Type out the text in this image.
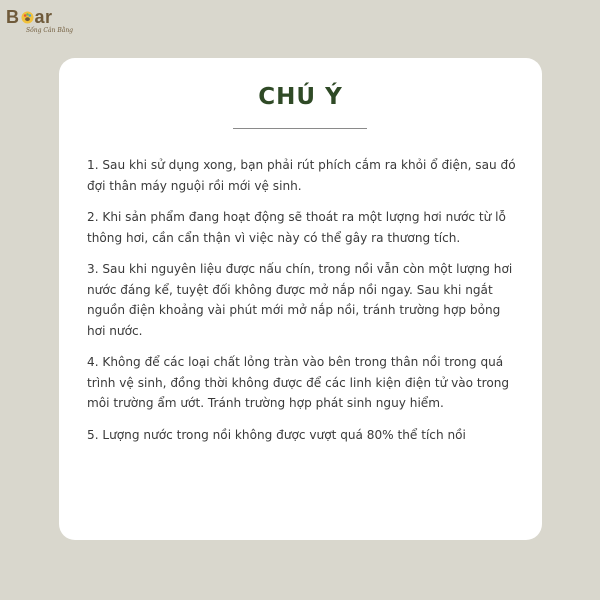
B ar
Sống Cân Bằng
CHÚ Ý

1. Sau khi sử dụng xong, bạn phải rút phích cắm ra khỏi ổ điện, sau đó đợi thân máy nguội rồi mới vệ sinh.

2. Khi sản phẩm đang hoạt động sẽ thoát ra một lượng hơi nước từ lỗ thông hơi, cần cẩn thận vì việc này có thể gây ra thương tích.

3. Sau khi nguyên liệu được nấu chín, trong nồi vẫn còn một lượng hơi nước đáng kể, tuyệt đối không được mở nắp nồi ngay. Sau khi ngắt nguồn điện khoảng vài phút mới mở nắp nồi, tránh trường hợp bỏng hơi nước.

4. Không để các loại chất lỏng tràn vào bên trong thân nồi trong quá trình vệ sinh, đồng thời không được để các linh kiện điện tử vào trong môi trường ẩm ướt. Tránh trường hợp phát sinh nguy hiểm.

5. Lượng nước trong nồi không được vượt quá 80% thể tích nồi
